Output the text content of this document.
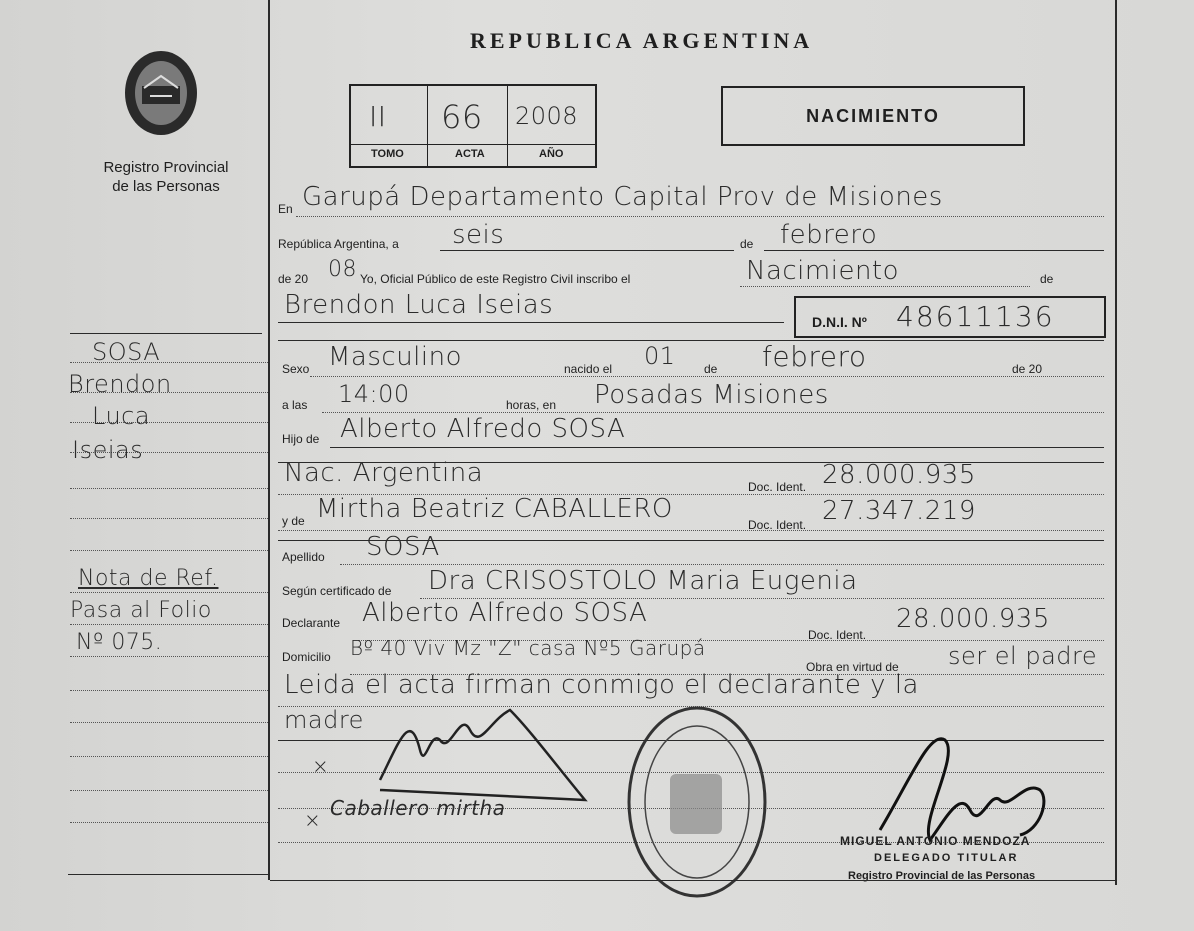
Registro Provincial
de las Personas
REPUBLICA ARGENTINA
II 66 2008
TOMO	ACTA	AÑO
NACIMIENTO
SOSA
Brendon
Luca
Iseias
Nota de Ref.
Pasa al Folio
Nº 075.
En Garupá Departamento Capital Prov de Misiones
República Argentina, a seis	de febrero
de 20 08 Yo, Oficial Público de este Registro Civil inscribo el	Nacimiento	de
Brendon Luca Iseias
D.N.I. Nº 48611136
Sexo Masculino	nacido el 01 de febrero	de 20
a las 14:00	horas, en Posadas Misiones
Hijo de Alberto Alfredo SOSA
Nac. Argentina	Doc. Ident. 28.000.935
y de Mirtha Beatriz CABALLERO
Doc. Ident. 27.347.219
Apellido SOSA
Según certificado de Dra CRISOSTOLO Maria Eugenia
Declarante Alberto Alfredo SOSA
Doc. Ident.
28.000.935
Domicilio Bº 40 Viv Mz "Z" casa Nº5 Garupá
Obra en virtud de ser el padre
Leida el acta firman conmigo el declarante y la
madre
×
× Caballero mirtha
MIGUEL ANTONIO MENDOZA
DELEGADO TITULAR
Registro Provincial de las Personas
